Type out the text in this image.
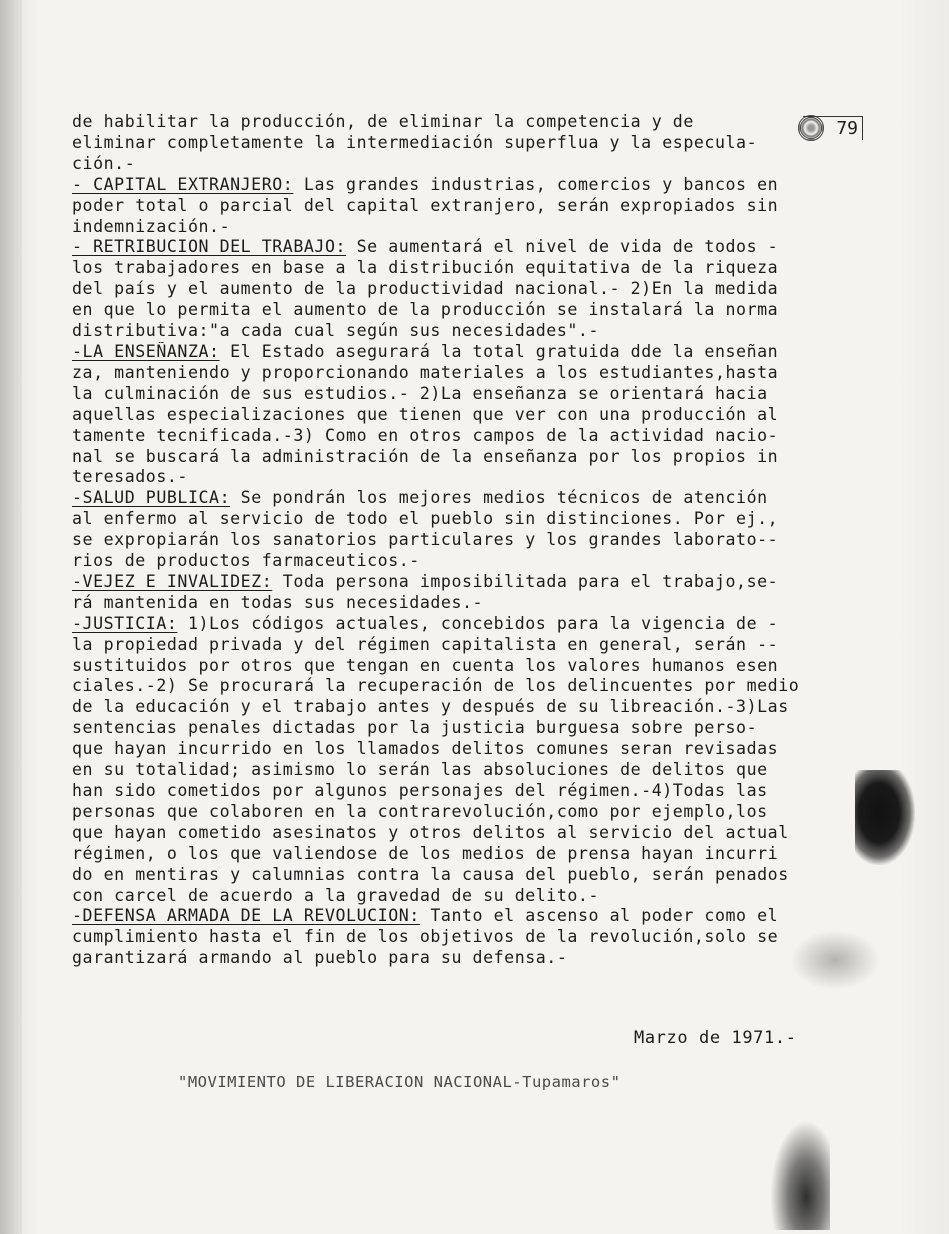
79

de habilitar la producción, de eliminar la competencia y de

eliminar completamente la intermediación superflua y la especula-

ción.-

- CAPITAL EXTRANJERO: Las grandes industrias, comercios y bancos en

poder total o parcial del capital extranjero, serán expropiados sin

indemnización.-

- RETRIBUCION DEL TRABAJO: Se aumentará el nivel de vida de todos -

los trabajadores en base a la distribución equitativa de la riqueza

del país y el aumento de la productividad nacional.- 2)En la medida

en que lo permita el aumento de la producción se instalará la norma

distributiva:"a cada cual según sus necesidades".-

-LA ENSEÑANZA: El Estado asegurará la total gratuida dde la enseñan

za, manteniendo y proporcionando materiales a los estudiantes,hasta

la culminación de sus estudios.- 2)La enseñanza se orientará hacia

aquellas especializaciones que tienen que ver con una producción al

tamente tecnificada.-3) Como en otros campos de la actividad nacio-

nal se buscará la administración de la enseñanza por los propios in

teresados.-

-SALUD PUBLICA: Se pondrán los mejores medios técnicos de atención

al enfermo al servicio de todo el pueblo sin distinciones. Por ej.,

se expropiarán los sanatorios particulares y los grandes laborato--

rios de productos farmaceuticos.-

-VEJEZ E INVALIDEZ: Toda persona imposibilitada para el trabajo,se-

rá mantenida en todas sus necesidades.-

-JUSTICIA: 1)Los códigos actuales, concebidos para la vigencia de -

la propiedad privada y del régimen capitalista en general, serán --

sustituidos por otros que tengan en cuenta los valores humanos esen

ciales.-2) Se procurará la recuperación de los delincuentes por medio

de la educación y el trabajo antes y después de su libreación.-3)Las

sentencias penales dictadas por la justicia burguesa sobre perso-

que hayan incurrido en los llamados delitos comunes seran revisadas

en su totalidad; asimismo lo serán las absoluciones de delitos que

han sido cometidos por algunos personajes del régimen.-4)Todas las

personas que colaboren en la contrarevolución,como por ejemplo,los

que hayan cometido asesinatos y otros delitos al servicio del actual

régimen, o los que valiendose de los medios de prensa hayan incurri

do en mentiras y calumnias contra la causa del pueblo, serán penados

con carcel de acuerdo a la gravedad de su delito.-

-DEFENSA ARMADA DE LA REVOLUCION: Tanto el ascenso al poder como el

cumplimiento hasta el fin de los objetivos de la revolución,solo se

garantizará armando al pueblo para su defensa.-

Marzo de 1971.-
"MOVIMIENTO DE LIBERACION NACIONAL-Tupamaros"
